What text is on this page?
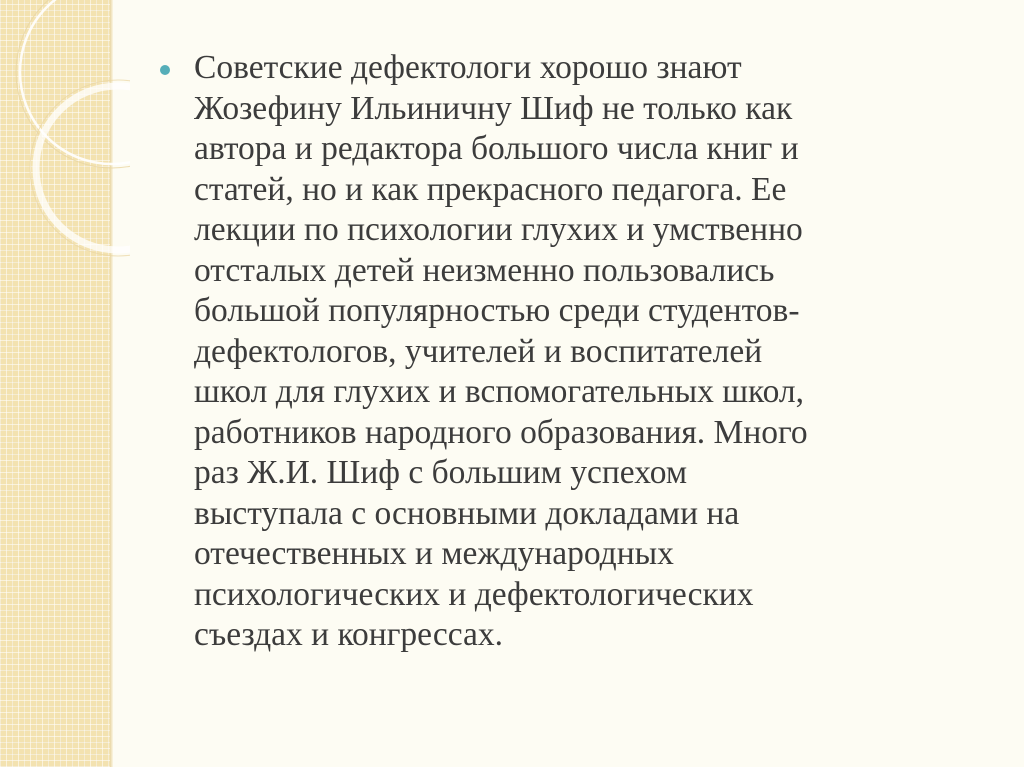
Советские дефектологи хорошо знают
Жозефину Ильиничну Шиф не только как
автора и редактора большого числа книг и
статей, но и как прекрасного педагога. Ее
лекции по психологии глухих и умственно
отсталых детей неизменно пользовались
большой популярностью среди студентов-
дефектологов, учителей и воспитателей
школ для глухих и вспомогательных школ,
работников народного образования. Много
раз Ж.И. Шиф с большим успехом
выступала с основными докладами на
отечественных и международных
психологических и дефектологических
съездах и конгрессах.
